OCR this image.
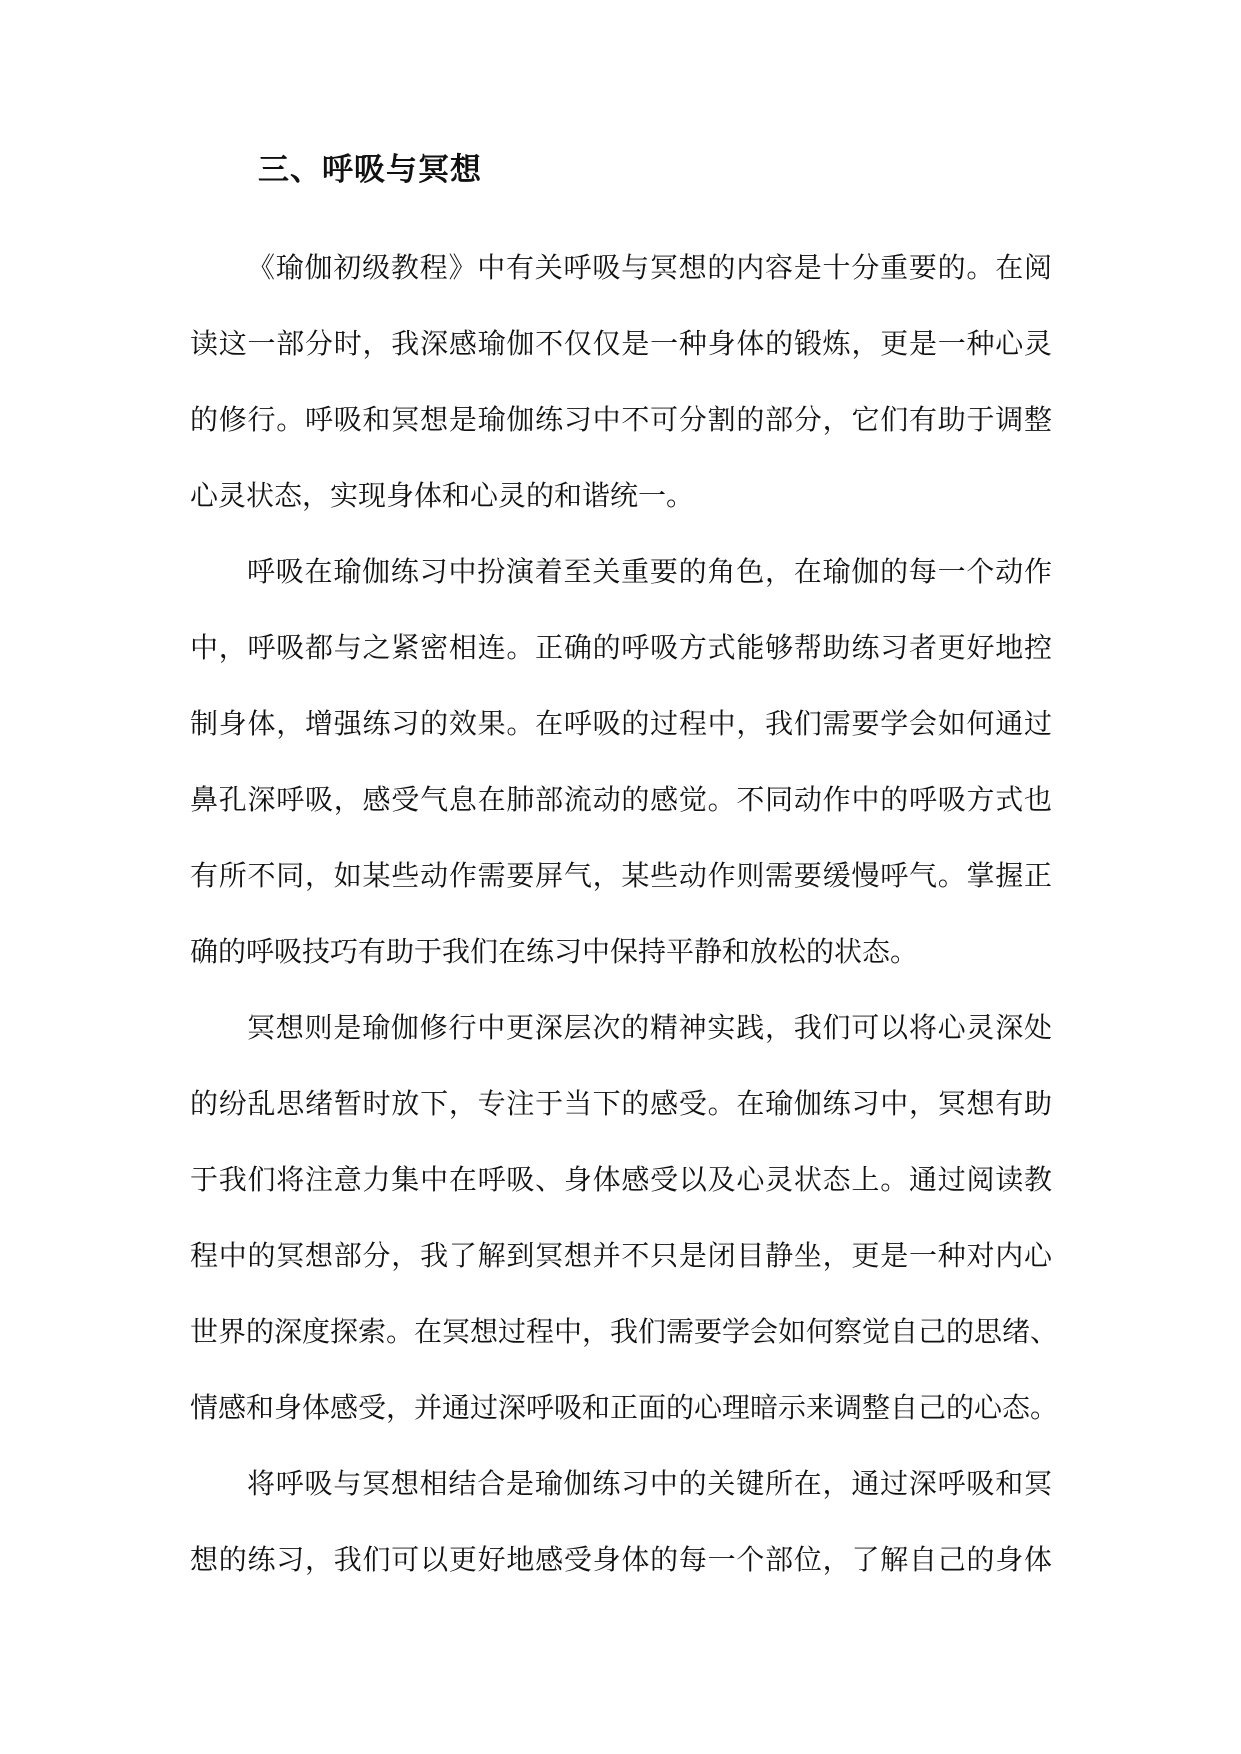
三、呼吸与冥想
《瑜伽初级教程》中有关呼吸与冥想的内容是十分重要的。在阅
读这一部分时，我深感瑜伽不仅仅是一种身体的锻炼，更是一种心灵
的修行。呼吸和冥想是瑜伽练习中不可分割的部分，它们有助于调整
心灵状态，实现身体和心灵的和谐统一。
呼吸在瑜伽练习中扮演着至关重要的角色，在瑜伽的每一个动作
中，呼吸都与之紧密相连。正确的呼吸方式能够帮助练习者更好地控
制身体，增强练习的效果。在呼吸的过程中，我们需要学会如何通过
鼻孔深呼吸，感受气息在肺部流动的感觉。不同动作中的呼吸方式也
有所不同，如某些动作需要屏气，某些动作则需要缓慢呼气。掌握正
确的呼吸技巧有助于我们在练习中保持平静和放松的状态。
冥想则是瑜伽修行中更深层次的精神实践，我们可以将心灵深处
的纷乱思绪暂时放下，专注于当下的感受。在瑜伽练习中，冥想有助
于我们将注意力集中在呼吸、身体感受以及心灵状态上。通过阅读教
程中的冥想部分，我了解到冥想并不只是闭目静坐，更是一种对内心
世界的深度探索。在冥想过程中，我们需要学会如何察觉自己的思绪、
情感和身体感受，并通过深呼吸和正面的心理暗示来调整自己的心态。
将呼吸与冥想相结合是瑜伽练习中的关键所在，通过深呼吸和冥
想的练习，我们可以更好地感受身体的每一个部位，了解自己的身体
